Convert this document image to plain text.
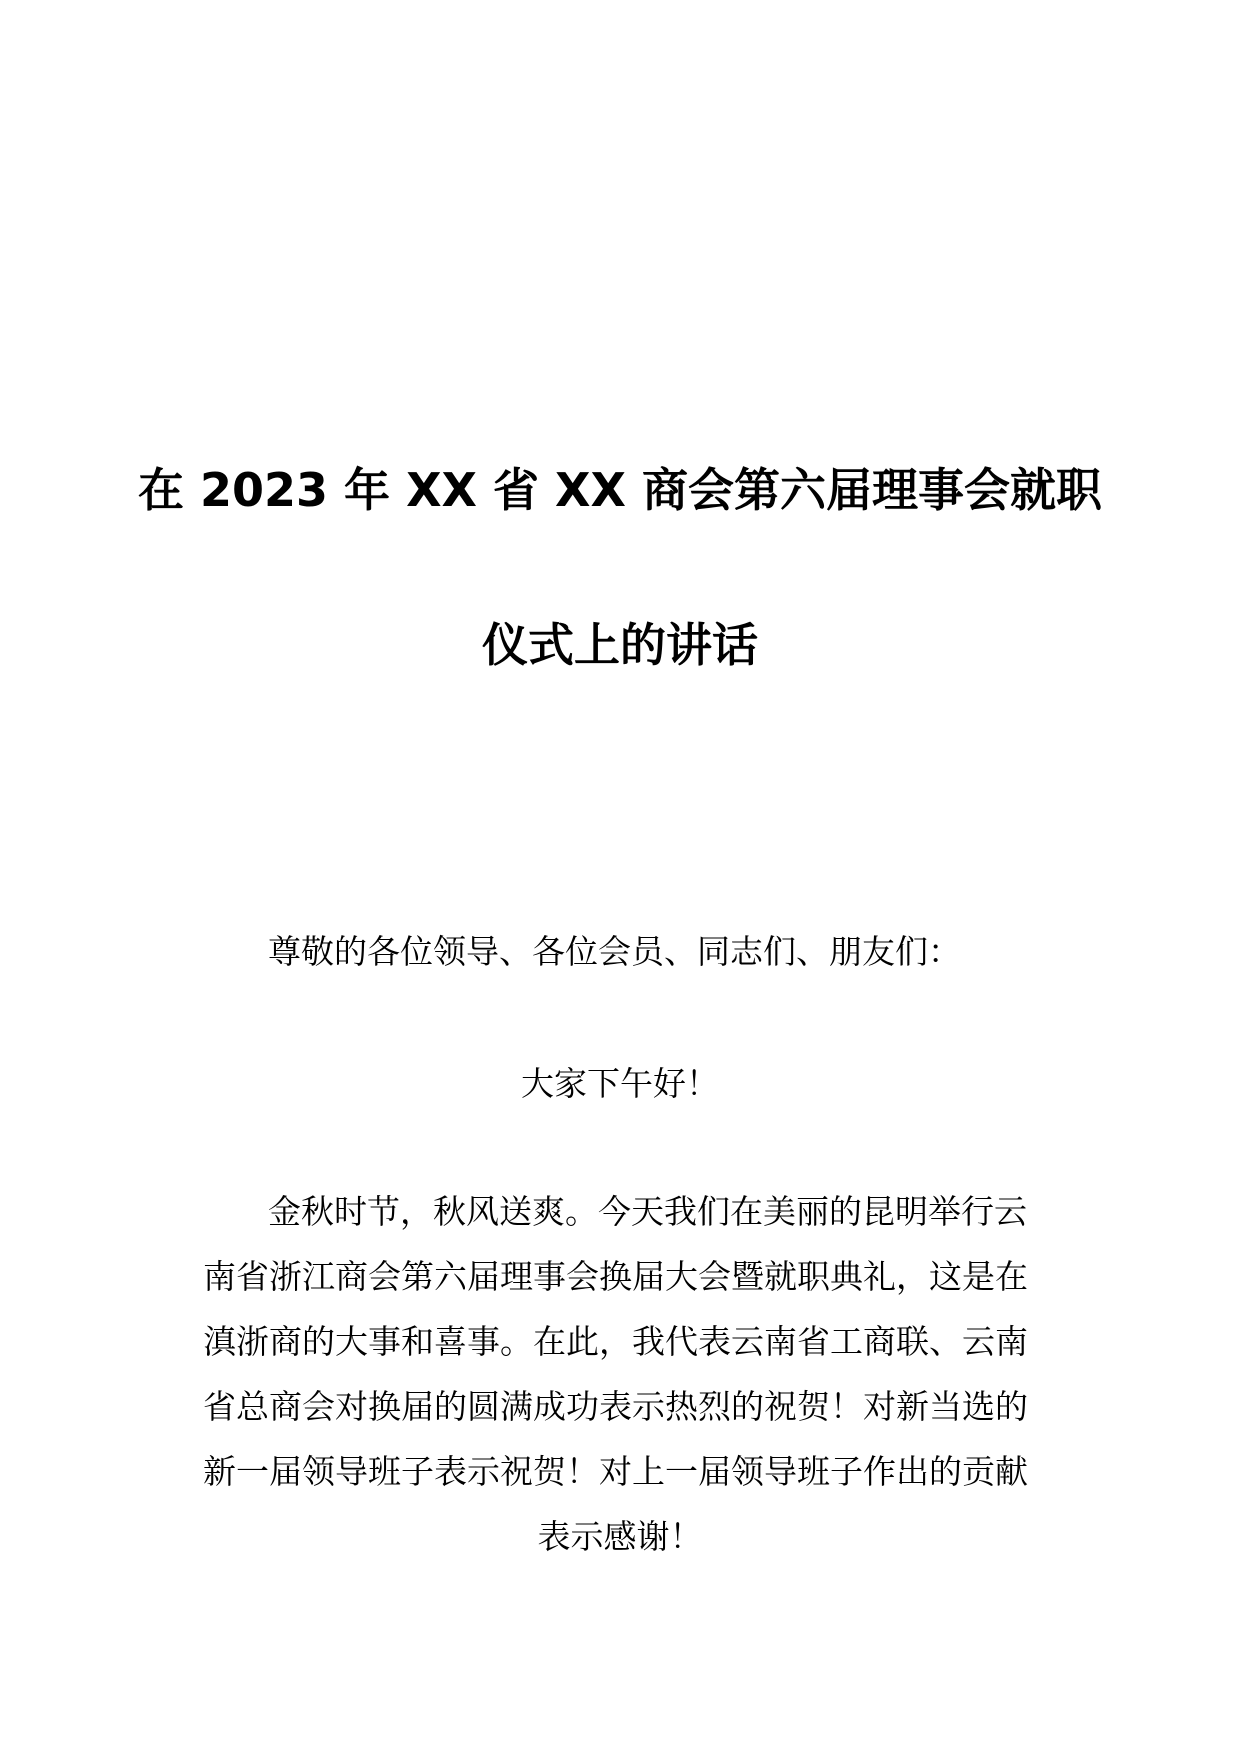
在 2023 年 XX 省 XX 商会第六届理事会就职
仪式上的讲话
尊敬的各位领导、各位会员、同志们、朋友们：
大家下午好！
金秋时节，秋风送爽。今天我们在美丽的昆明举行云
南省浙江商会第六届理事会换届大会暨就职典礼，这是在
滇浙商的大事和喜事。在此，我代表云南省工商联、云南
省总商会对换届的圆满成功表示热烈的祝贺！对新当选的
新一届领导班子表示祝贺！对上一届领导班子作出的贡献
表示感谢！
